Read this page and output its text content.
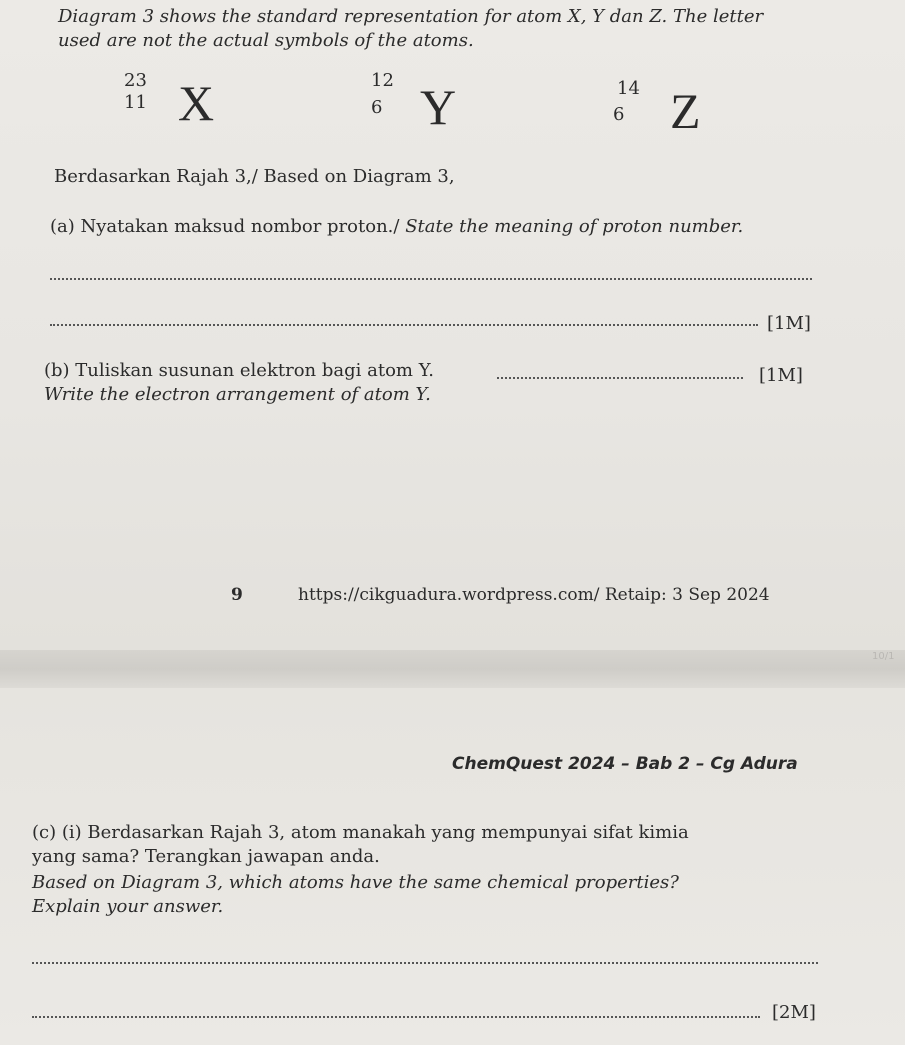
Diagram 3 shows the standard representation for atom X, Y dan Z. The letter
used are not the actual symbols of the atoms.
23
11 X	12
6 Y	14
6 Z
Berdasarkan Rajah 3,/ Based on Diagram 3,
(a) Nyatakan maksud nombor proton./ State the meaning of proton number.
[1M]
(b) Tuliskan susunan elektron bagi atom Y.	[1M]
Write the electron arrangement of atom Y.
9	https://cikguadura.wordpress.com/ Retaip: 3 Sep 2024
10/1
ChemQuest 2024 – Bab 2 – Cg Adura
(c) (i) Berdasarkan Rajah 3, atom manakah yang mempunyai sifat kimia
yang sama? Terangkan jawapan anda.
Based on Diagram 3, which atoms have the same chemical properties?
Explain your answer.
[2M]
